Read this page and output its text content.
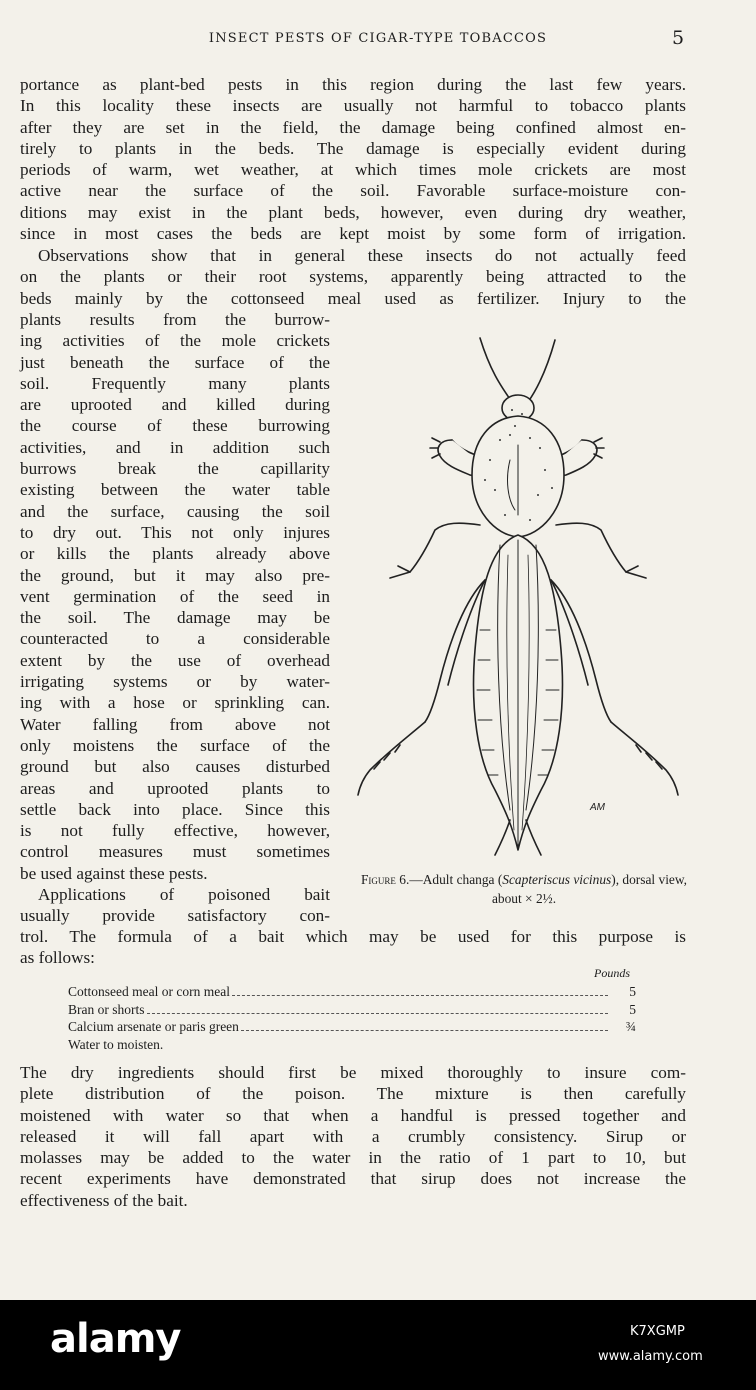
INSECT PESTS OF CIGAR-TYPE TOBACCOS	5

portance as plant-bed pests in this region during the last few years.
In this locality these insects are usually not harmful to tobacco plants
after they are set in the field, the damage being confined almost en-
tirely to plants in the beds. The damage is especially evident during
periods of warm, wet weather, at which times mole crickets are most
active near the surface of the soil. Favorable surface-moisture con-
ditions may exist in the plant beds, however, even during dry weather,
since in most cases the beds are kept moist by some form of irrigation.

Observations show that in general these insects do not actually feed
on the plants or their root systems, apparently being attracted to the
beds mainly by the cottonseed meal used as fertilizer. Injury to the

plants results from the burrow-
ing activities of the mole crickets
just beneath the surface of the
soil. Frequently many plants
are uprooted and killed during
the course of these burrowing
activities, and in addition such
burrows break the capillarity
existing between the water table
and the surface, causing the soil
to dry out. This not only injures
or kills the plants already above
the ground, but it may also pre-
vent germination of the seed in
the soil. The damage may be
counteracted to a considerable
extent by the use of overhead
irrigating systems or by water-
ing with a hose or sprinkling can.
Water falling from above not
only moistens the surface of the
ground but also causes disturbed
areas and uprooted plants to
settle back into place. Since this
is not fully effective, however,
control measures must sometimes
be used against these pests.
Applications of poisoned bait
usually provide satisfactory con-

trol. The formula of a bait which may be used for this purpose is
as follows:

AM
Figure 6.—Adult changa (Scapteriscus vicinus), dorsal view, about × 2½.
Pounds
Cottonseed meal or corn meal	5
Bran or shorts	5
Calcium arsenate or paris green	¾
Water to moisten.

The dry ingredients should first be mixed thoroughly to insure com-
plete distribution of the poison. The mixture is then carefully
moistened with water so that when a handful is pressed together and
released it will fall apart with a crumbly consistency. Sirup or
molasses may be added to the water in the ratio of 1 part to 10, but
recent experiments have demonstrated that sirup does not increase the
effectiveness of the bait.

alamy	K7XGMP
www.alamy.com
